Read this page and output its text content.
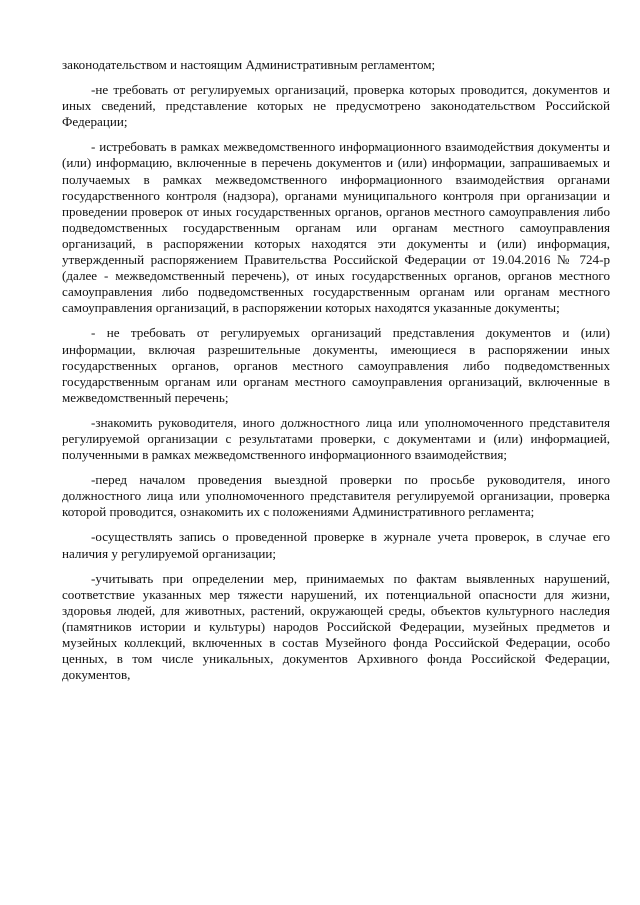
законодательством и настоящим Административным регламентом;

-не требовать от регулируемых организаций, проверка которых проводится, документов и иных сведений, представление которых не предусмотрено законодательством Российской Федерации;

- истребовать в рамках межведомственного информационного взаимодействия документы и (или) информацию, включенные в перечень документов и (или) информации, запрашиваемых и получаемых в рамках межведомственного информационного взаимодействия органами государственного контроля (надзора), органами муниципального контроля при организации и проведении проверок от иных государственных органов, органов местного самоуправления либо подведомственных государственным органам или органам местного самоуправления организаций, в распоряжении которых находятся эти документы и (или) информация, утвержденный распоряжением Правительства Российской Федерации от 19.04.2016 № 724-р (далее - межведомственный перечень), от иных государственных органов, органов местного самоуправления либо подведомственных государственным органам или органам местного самоуправления организаций, в распоряжении которых находятся указанные документы;

- не требовать от регулируемых организаций представления документов и (или) информации, включая разрешительные документы, имеющиеся в распоряжении иных государственных органов, органов местного самоуправления либо подведомственных государственным органам или органам местного самоуправления организаций, включенные в межведомственный перечень;

-знакомить руководителя, иного должностного лица или уполномоченного представителя регулируемой организации с результатами проверки, с документами и (или) информацией, полученными в рамках межведомственного информационного взаимодействия;

-перед началом проведения выездной проверки по просьбе руководителя, иного должностного лица или уполномоченного представителя регулируемой организации, проверка которой проводится, ознакомить их с положениями Административного регламента;

-осуществлять запись о проведенной проверке в журнале учета проверок, в случае его наличия у регулируемой организации;

-учитывать при определении мер, принимаемых по фактам выявленных нарушений, соответствие указанных мер тяжести нарушений, их потенциальной опасности для жизни, здоровья людей, для животных, растений, окружающей среды, объектов культурного наследия (памятников истории и культуры) народов Российской Федерации, музейных предметов и музейных коллекций, включенных в состав Музейного фонда Российской Федерации, особо ценных, в том числе уникальных, документов Архивного фонда Российской Федерации, документов,
